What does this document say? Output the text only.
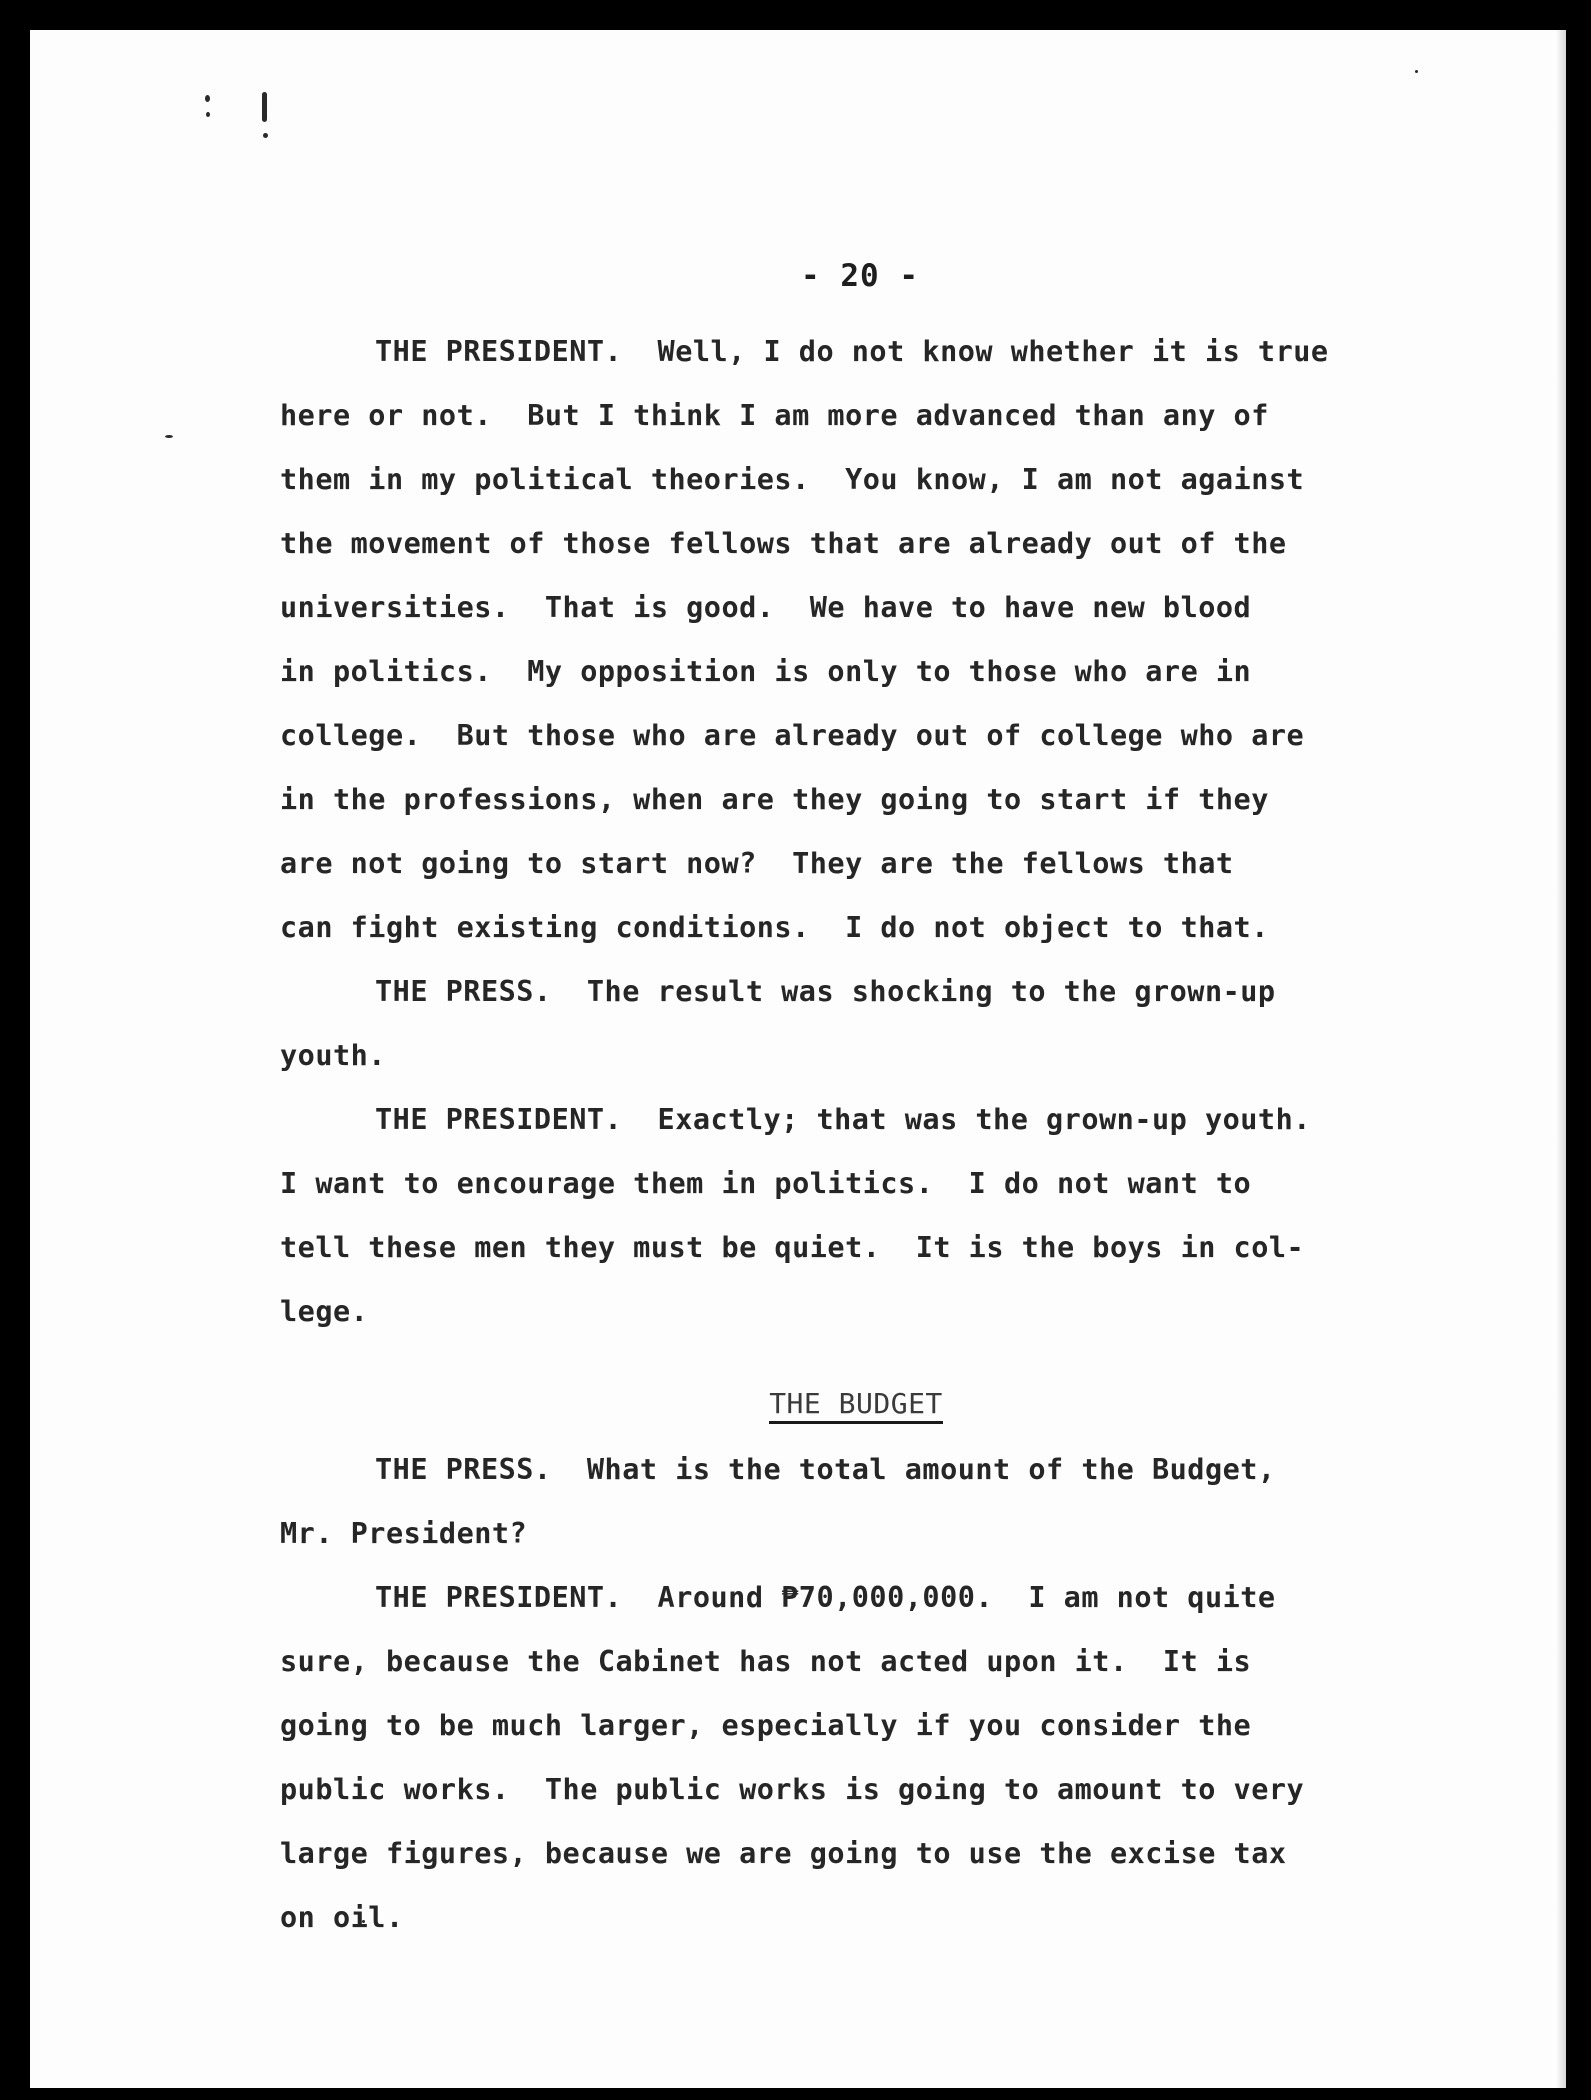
- 20 -
THE PRESIDENT.  Well, I do not know whether it is true
here or not.  But I think I am more advanced than any of
them in my political theories.  You know, I am not against
the movement of those fellows that are already out of the
universities.  That is good.  We have to have new blood
in politics.  My opposition is only to those who are in
college.  But those who are already out of college who are
in the professions, when are they going to start if they
are not going to start now?  They are the fellows that
can fight existing conditions.  I do not object to that.
THE PRESS.  The result was shocking to the grown-up
youth.
THE PRESIDENT.  Exactly; that was the grown-up youth.
I want to encourage them in politics.  I do not want to
tell these men they must be quiet.  It is the boys in col-
lege.
THE BUDGET
THE PRESS.  What is the total amount of the Budget,
Mr. President?
THE PRESIDENT.  Around ₱70,000,000.  I am not quite
sure, because the Cabinet has not acted upon it.  It is
going to be much larger, especially if you consider the
public works.  The public works is going to amount to very
large figures, because we are going to use the excise tax
on oil.
